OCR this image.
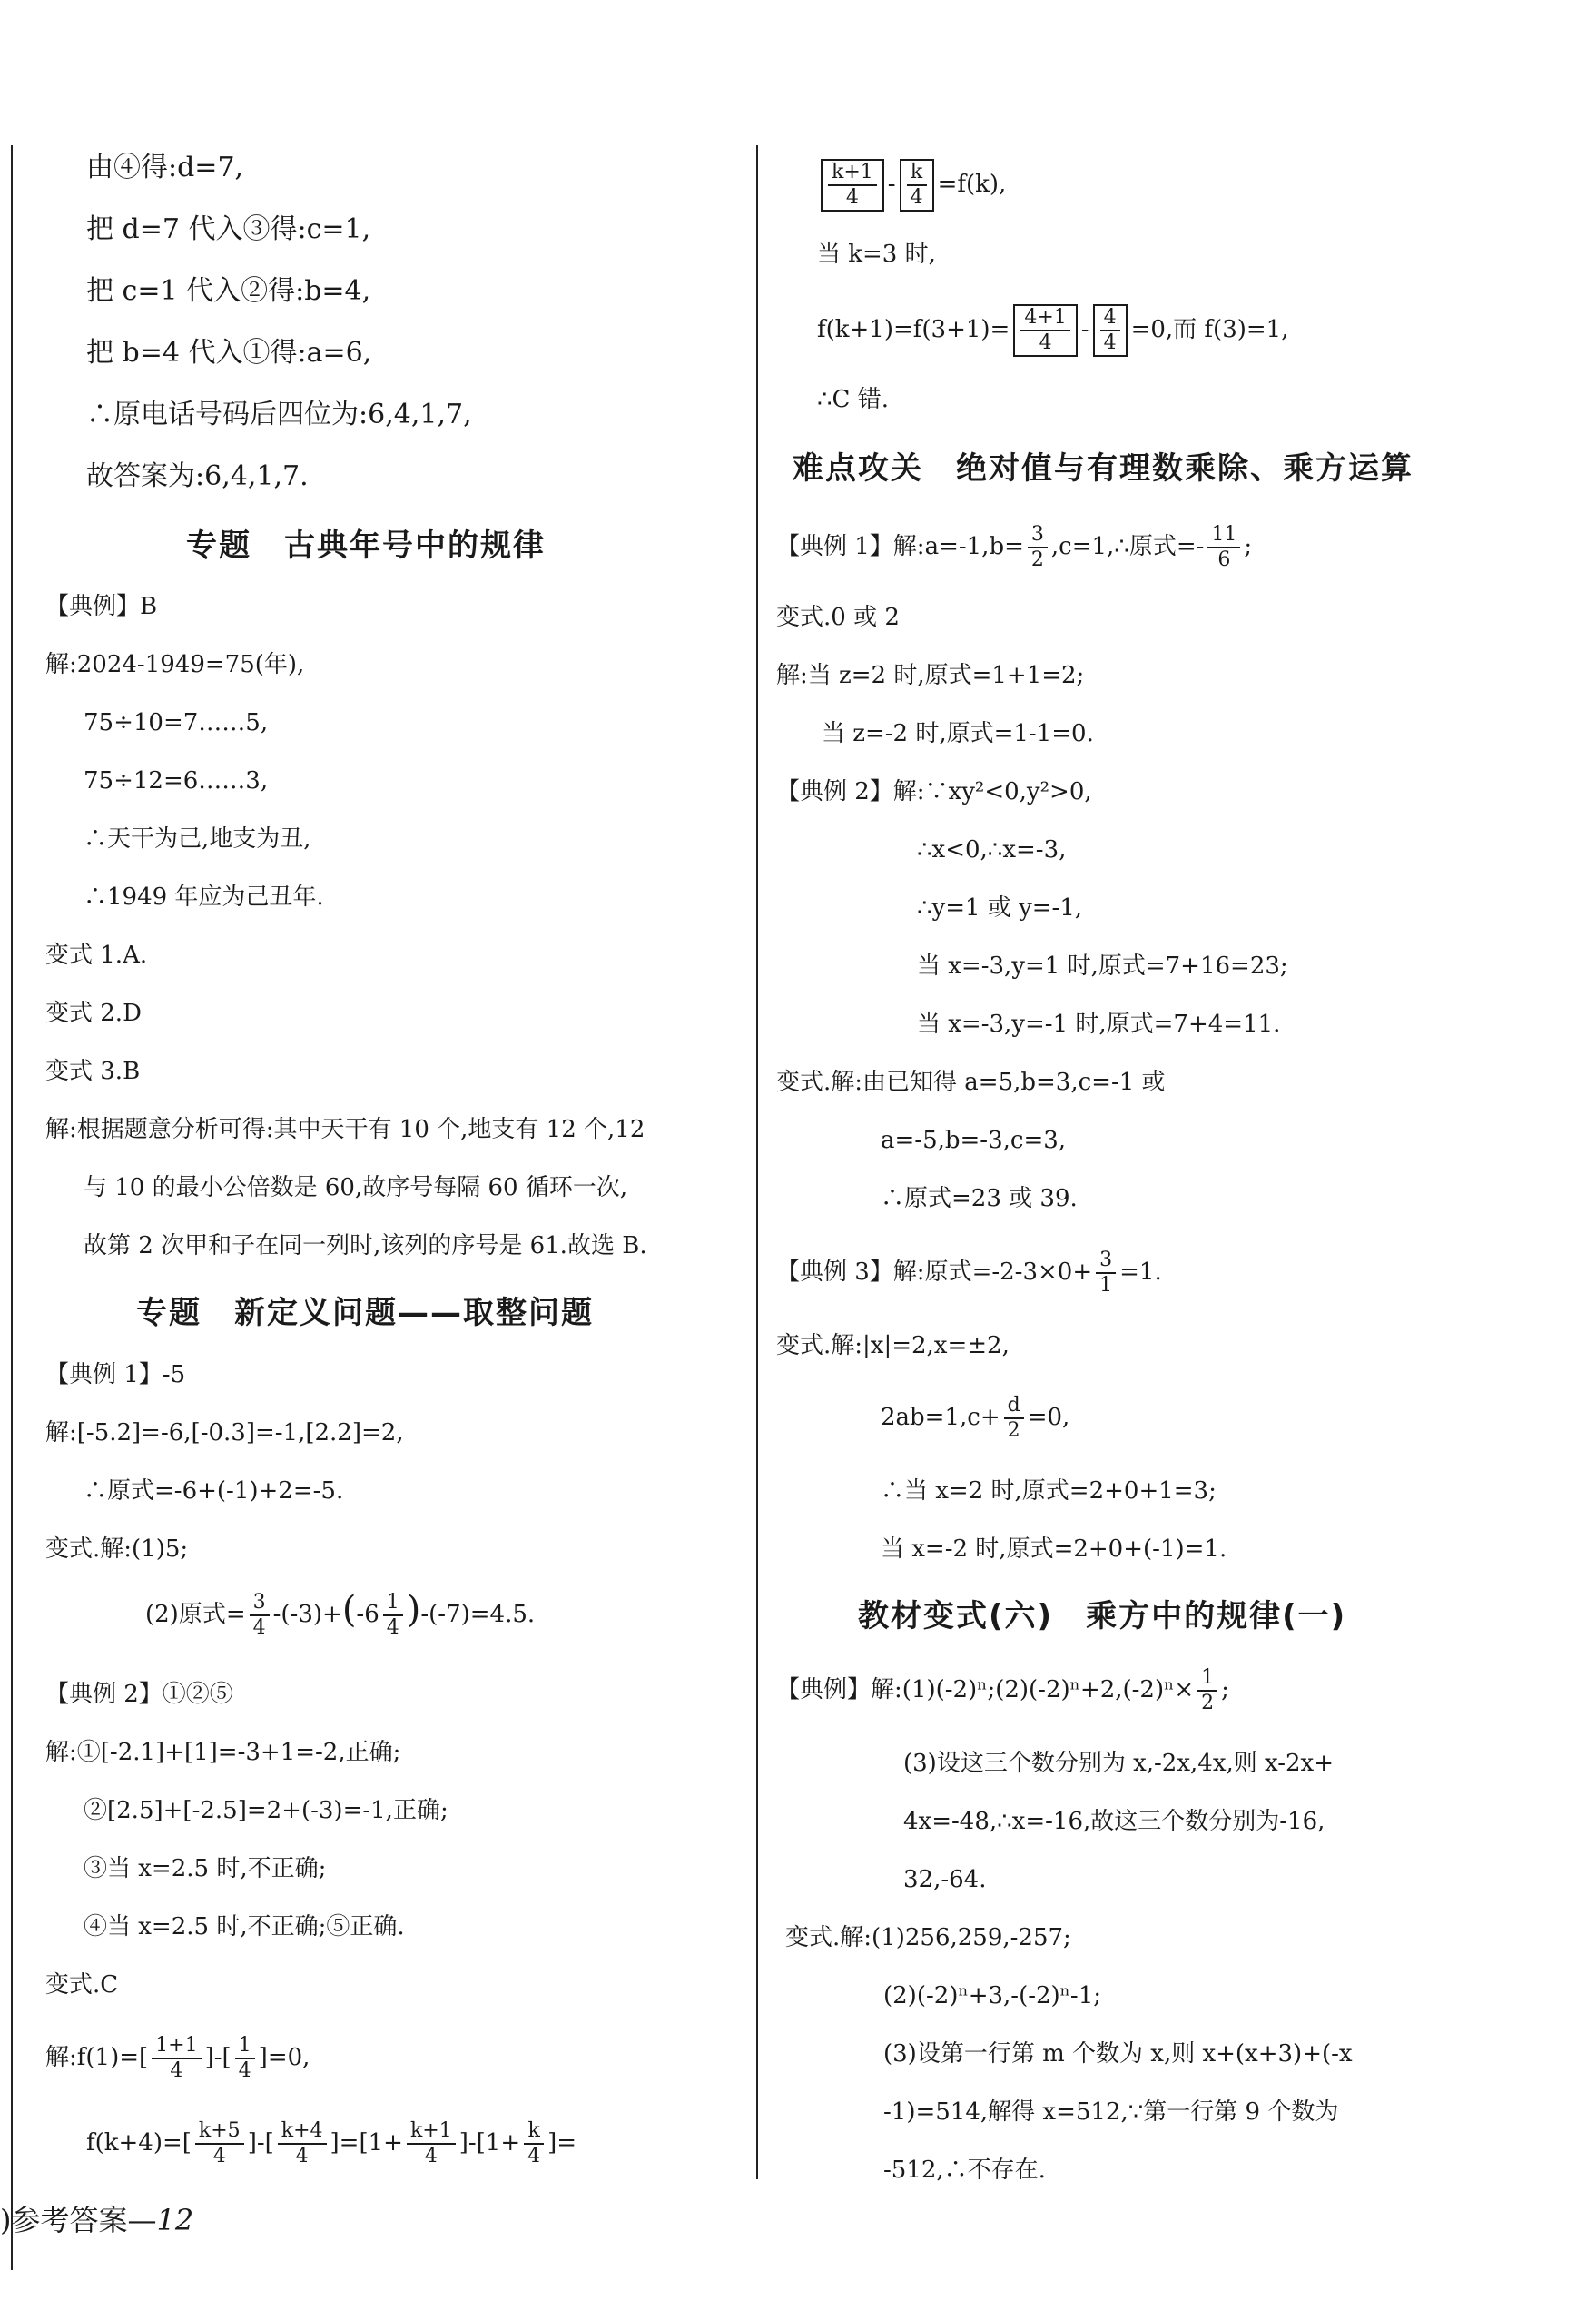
由④得:d=7,
把 d=7 代入③得:c=1,
把 c=1 代入②得:b=4,
把 b=4 代入①得:a=6,
∴原电话号码后四位为:6,4,1,7,
故答案为:6,4,1,7.
专题　古典年号中的规律
【典例】B
解:2024-1949=75(年),
75÷10=7……5,
75÷12=6……3,
∴天干为己,地支为丑,
∴1949 年应为己丑年.
变式 1.A.
变式 2.D
变式 3.B
解:根据题意分析可得:其中天干有 10 个,地支有 12 个,12
与 10 的最小公倍数是 60,故序号每隔 60 循环一次,
故第 2 次甲和子在同一列时,该列的序号是 61.故选 B.
专题　新定义问题——取整问题
【典例 1】-5
解:[-5.2]=-6,[-0.3]=-1,[2.2]=2,
∴原式=-6+(-1)+2=-5.
变式.解:(1)5;
(2)原式= $\frac{3}{4} -(-3)+(-6 \frac{1}{4} )-(-7)=4.5$.
【典例 2】①②⑤
解:①[-2.1]+[1]=-3+1=-2,正确;
②[2.5]+[-2.5]=2+(-3)=-1,正确;
③当 x=2.5 时,不正确;
④当 x=2.5 时,不正确;⑤正确.
变式.C
解:f(1)=[ $\frac{1+1}{4}$ ]-[ $\frac{1}{4} ]=0$,
$f(k+4)=[ \frac{k+5}{4}$ ]-[ $\frac{k+4}{4} ]=[1+ \frac{k+1}{4} ]-[1+ \frac{k}{4}$ ]=
$\frac{k+1}{4} - \frac{k}{4} =f(k)$,
当 k=3 时,
$f(k+1)=f(3+1)= \frac{4+1}{4} - \frac{4}{4} =0$,而 f(3)=1,
∴C 错.
难点攻关　绝对值与有理数乘除、乘方运算
【典例 1】解:a=-1,b= $\frac{3}{2}$ ,c=1,∴原式=- $\frac{11}{6}$ ;
变式.0 或 2
解:当 z=2 时,原式=1+1=2;
当 z=-2 时,原式=1-1=0.
【典例 2】解:∵xy²<0,y²>0,
∴x<0,∴x=-3,
∴y=1 或 y=-1,
当 x=-3,y=1 时,原式=7+16=23;
当 x=-3,y=-1 时,原式=7+4=11.
变式.解:由已知得 a=5,b=3,c=-1 或
a=-5,b=-3,c=3,
∴原式=23 或 39.
【典例 3】解:原式$=-2-3\times 0+ \frac{3}{1} =1$.
变式.解:|x|=2,x=±2,
$2ab=1,c+ \frac{d}{2} =0$,
∴当 x=2 时,原式=2+0+1=3;
当 x=-2 时,原式=2+0+(-1)=1.
教材变式(六)　乘方中的规律(一)
【典例】解:(1)(-2)ⁿ;(2)(-2)ⁿ+2,(-2)ⁿ× $\frac{1}{2}$ ;
(3)设这三个数分别为 x,-2x,4x,则 x-2x+
4x=-48,∴x=-16,故这三个数分别为-16,
32,-64.
变式.解:(1)256,259,-257;
(2)(-2)ⁿ+3,-(-2)ⁿ-1;
(3)设第一行第 m 个数为 x,则 x+(x+3)+(-x
-1)=514,解得 x=512,∵第一行第 9 个数为
-512,∴不存在.
)参考答案—12
